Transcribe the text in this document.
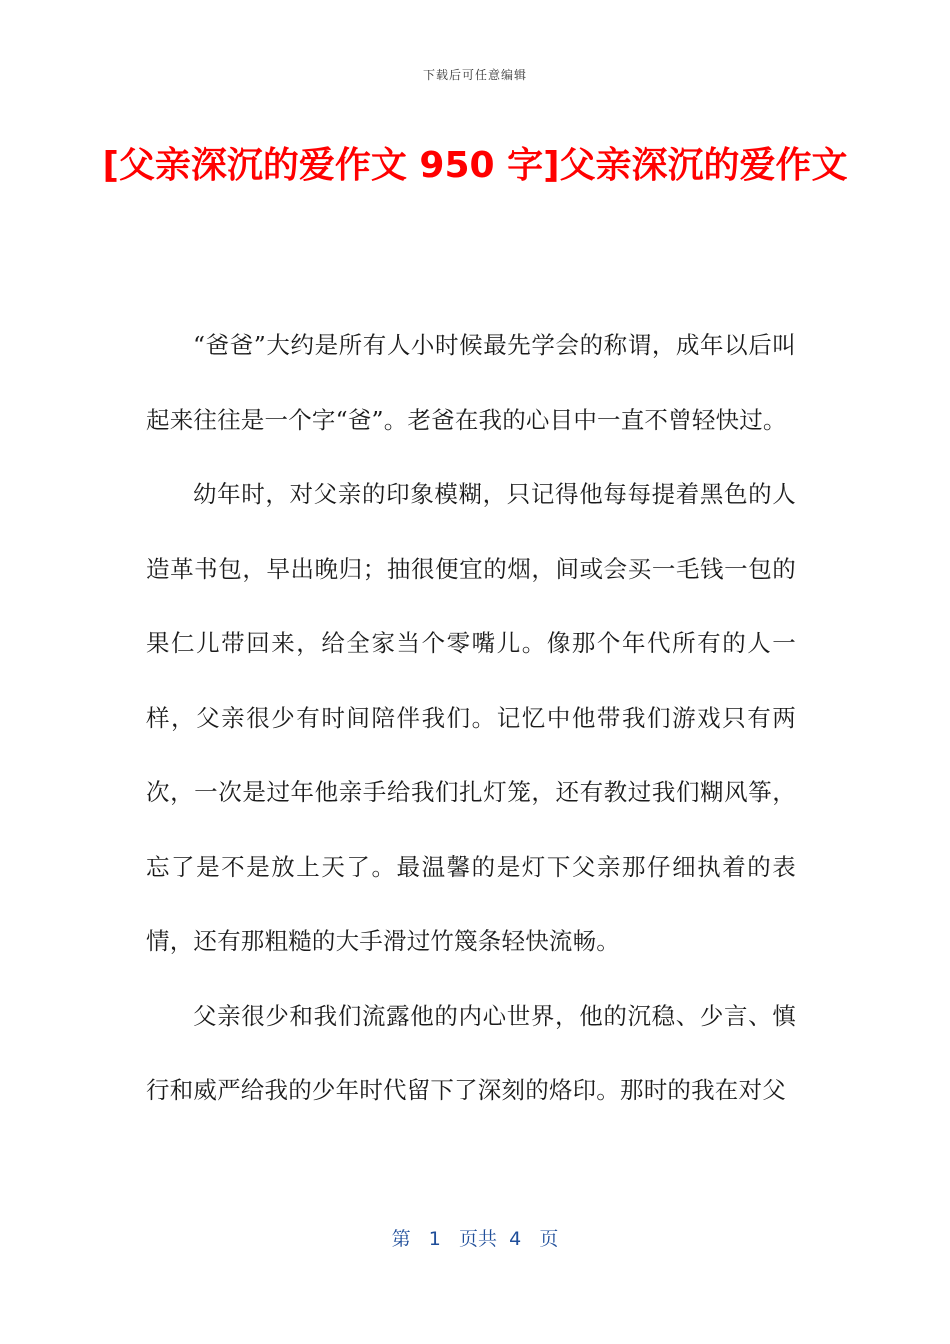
下载后可任意编辑
[父亲深沉的爱作文 950 字]父亲深沉的爱作文

“爸爸”大约是所有人小时候最先学会的称谓，成年以后叫起来往往是一个字“爸”。老爸在我的心目中一直不曾轻快过。

幼年时，对父亲的印象模糊，只记得他每每提着黑色的人造革书包，早出晚归；抽很便宜的烟，间或会买一毛钱一包的果仁儿带回来，给全家当个零嘴儿。像那个年代所有的人一样，父亲很少有时间陪伴我们。记忆中他带我们游戏只有两次，一次是过年他亲手给我们扎灯笼，还有教过我们糊风筝，忘了是不是放上天了。最温馨的是灯下父亲那仔细执着的表情，还有那粗糙的大手滑过竹篾条轻快流畅。

父亲很少和我们流露他的内心世界，他的沉稳、少言、慎行和威严给我的少年时代留下了深刻的烙印。那时的我在对父

第 1 页共 4 页
